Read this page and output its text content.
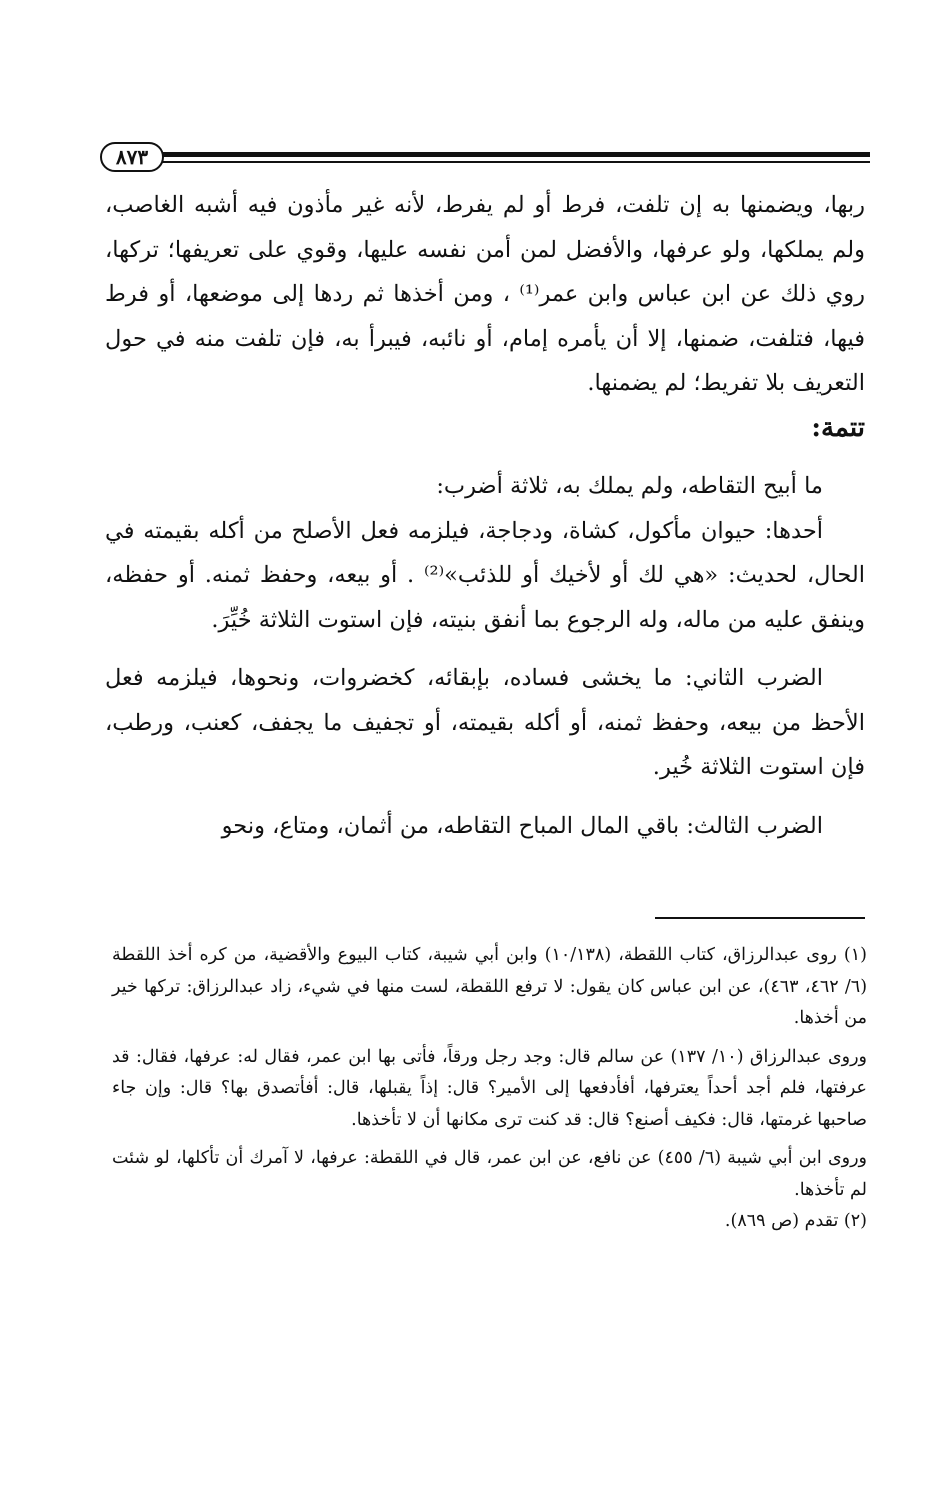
٨٧٣

ربها، ويضمنها به إن تلفت، فرط أو لم يفرط، لأنه غير مأذون فيه أشبه الغاصب، ولم يملكها، ولو عرفها، والأفضل لمن أمن نفسه عليها، وقوي على تعريفها؛ تركها، روي ذلك عن ابن عباس وابن عمر⁽¹⁾ ، ومن أخذها ثم ردها إلى موضعها، أو فرط فيها، فتلفت، ضمنها، إلا أن يأمره إمام، أو نائبه، فيبرأ به، فإن تلفت منه في حول التعريف بلا تفريط؛ لم يضمنها.

تتمة:

ما أبيح التقاطه، ولم يملك به، ثلاثة أضرب:

أحدها: حيوان مأكول، كشاة، ودجاجة، فيلزمه فعل الأصلح من أكله بقيمته في الحال، لحديث: «هي لك أو لأخيك أو للذئب»⁽²⁾ . أو بيعه، وحفظ ثمنه. أو حفظه، وينفق عليه من ماله، وله الرجوع بما أنفق بنيته، فإن استوت الثلاثة خُيِّرَ.

الضرب الثاني: ما يخشى فساده، بإبقائه، كخضروات، ونحوها، فيلزمه فعل الأحظ من بيعه، وحفظ ثمنه، أو أكله بقيمته، أو تجفيف ما يجفف، كعنب، ورطب، فإن استوت الثلاثة خُير.

الضرب الثالث: باقي المال المباح التقاطه، من أثمان، ومتاع، ونحو

(١) روى عبدالرزاق، كتاب اللقطة، (١٠/١٣٨) وابن أبي شيبة، كتاب البيوع والأقضية، من كره أخذ اللقطة (٦/ ٤٦٢، ٤٦٣)، عن ابن عباس كان يقول: لا ترفع اللقطة، لست منها في شيء، زاد عبدالرزاق: تركها خير من أخذها.

وروى عبدالرزاق (١٠/ ١٣٧) عن سالم قال: وجد رجل ورقاً، فأتى بها ابن عمر، فقال له: عرفها، فقال: قد عرفتها، فلم أجد أحداً يعترفها، أفأدفعها إلى الأمير؟ قال: إذاً يقبلها، قال: أفأتصدق بها؟ قال: وإن جاء صاحبها غرمتها، قال: فكيف أصنع؟ قال: قد كنت ترى مكانها أن لا تأخذها.

وروى ابن أبي شيبة (٦/ ٤٥٥) عن نافع، عن ابن عمر، قال في اللقطة: عرفها، لا آمرك أن تأكلها، لو شئت لم تأخذها.

(٢) تقدم (ص ٨٦٩).
